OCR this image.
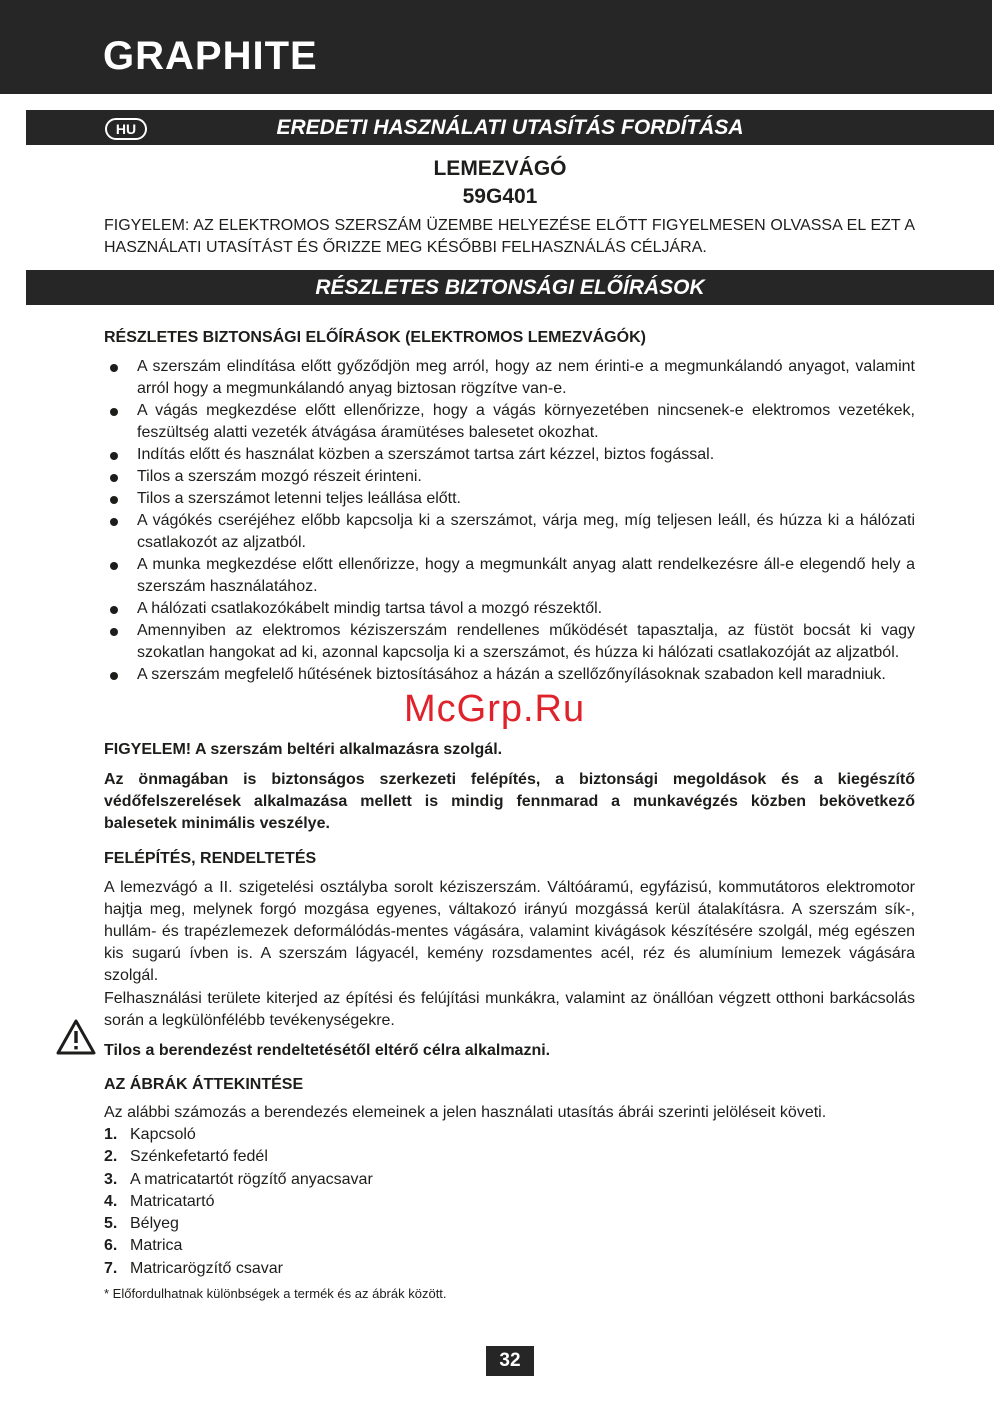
GRAPHITE
EREDETI HASZNÁLATI UTASÍTÁS FORDÍTÁSA
HU
LEMEZVÁGÓ
59G401

FIGYELEM: AZ ELEKTROMOS SZERSZÁM ÜZEMBE HELYEZÉSE ELŐTT FIGYELMESEN OLVASSA EL EZT A HASZNÁLATI UTASÍTÁST ÉS ŐRIZZE MEG KÉSŐBBI FELHASZNÁLÁS CÉLJÁRA.

RÉSZLETES BIZTONSÁGI ELŐÍRÁSOK
RÉSZLETES BIZTONSÁGI ELŐÍRÁSOK (ELEKTROMOS LEMEZVÁGÓK)
A szerszám elindítása előtt győződjön meg arról, hogy az nem érinti-e a megmunkálandó anyagot, valamint arról hogy a megmunkálandó anyag biztosan rögzítve van-e.
A vágás megkezdése előtt ellenőrizze, hogy a vágás környezetében nincsenek-e elektromos vezetékek, feszültség alatti vezeték átvágása áramütéses balesetet okozhat.
Indítás előtt és használat közben a szerszámot tartsa zárt kézzel, biztos fogással.
Tilos a szerszám mozgó részeit érinteni.
Tilos a szerszámot letenni teljes leállása előtt.
A vágókés cseréjéhez előbb kapcsolja ki a szerszámot, várja meg, míg teljesen leáll, és húzza ki a hálózati csatlakozót az aljzatból.
A munka megkezdése előtt ellenőrizze, hogy a megmunkált anyag alatt rendelkezésre áll-e elegendő hely a szerszám használatához.
A hálózati csatlakozókábelt mindig tartsa távol a mozgó részektől.
Amennyiben az elektromos kéziszerszám rendellenes működését tapasztalja, az füstöt bocsát ki vagy szokatlan hangokat ad ki, azonnal kapcsolja ki a szerszámot, és húzza ki hálózati csatlakozóját az aljzatból.
A szerszám megfelelő hűtésének biztosításához a házán a szellőzőnyílásoknak szabadon kell maradniuk.
McGrp.Ru
FIGYELEM! A szerszám beltéri alkalmazásra szolgál.

Az önmagában is biztonságos szerkezeti felépítés, a biztonsági megoldások és a kiegészítő védőfelszerelések alkalmazása mellett is mindig fennmarad a munkavégzés közben bekövetkező balesetek minimális veszélye.

FELÉPÍTÉS, RENDELTETÉS

A lemezvágó a II. szigetelési osztályba sorolt kéziszerszám. Váltóáramú, egyfázisú, kommutátoros elektromotor hajtja meg, melynek forgó mozgása egyenes, váltakozó irányú mozgássá kerül átalakításra. A szerszám sík-, hullám- és trapézlemezek deformálódás-mentes vágására, valamint kivágások készítésére szolgál, még egészen kis sugarú ívben is. A szerszám lágyacél, kemény rozsdamentes acél, réz és alumínium lemezek vágására szolgál.

Felhasználási területe kiterjed az építési és felújítási munkákra, valamint az önállóan végzett otthoni barkácsolás során a legkülönfélébb tevékenységekre.

Tilos a berendezést rendeltetésétől eltérő célra alkalmazni.
AZ ÁBRÁK ÁTTEKINTÉSE

Az alábbi számozás a berendezés elemeinek a jelen használati utasítás ábrái szerinti jelöléseit követi.

1. Kapcsoló
2. Szénkefetartó fedél
3. A matricatartót rögzítő anyacsavar
4. Matricatartó
5. Bélyeg
6. Matrica
7. Matricarögzítő csavar
* Előfordulhatnak különbségek a termék és az ábrák között.
32
